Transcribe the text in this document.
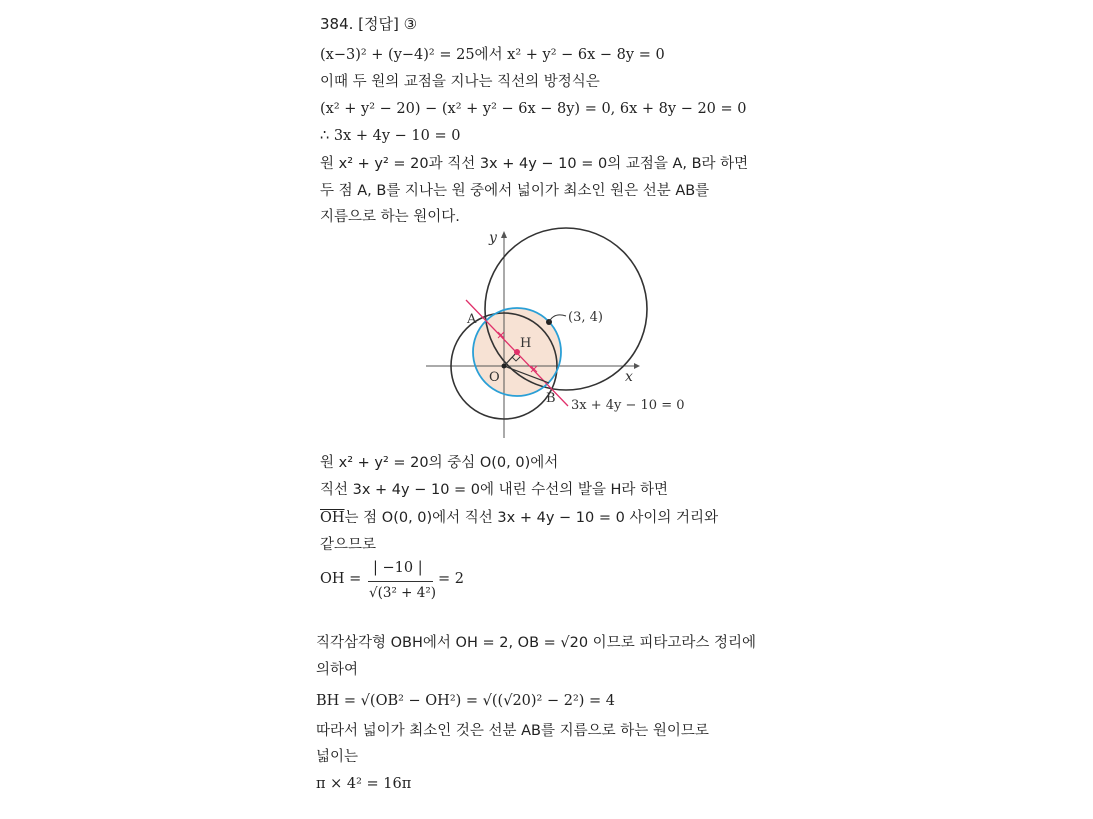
384. [정답] ③
(x−3)² + (y−4)² = 25에서 x² + y² − 6x − 8y = 0
이때 두 원의 교점을 지나는 직선의 방정식은
(x² + y² − 20) − (x² + y² − 6x − 8y) = 0, 6x + 8y − 20 = 0
∴ 3x + 4y − 10 = 0
원 x² + y² = 20과 직선 3x + 4y − 10 = 0의 교점을 A, B라 하면
두 점 A, B를 지나는 원 중에서 넓이가 최소인 원은 선분 AB를
지름으로 하는 원이다.
y
x
O
A
B
H
(3, 4)
3x + 4y − 10 = 0
원 x² + y² = 20의 중심 O(0, 0)에서
직선 3x + 4y − 10 = 0에 내린 수선의 발을 H라 하면
$\overline{OH}$는 점 O(0, 0)에서 직선 3x + 4y − 10 = 0 사이의 거리와
같으므로
OH =
| −10 |
√(3² + 4²)
= 2
직각삼각형 OBH에서 OH = 2, OB = √20 이므로 피타고라스 정리에
의하여
BH = √(OB² − OH²) = √((√20)² − 2²) = 4
따라서 넓이가 최소인 것은 선분 AB를 지름으로 하는 원이므로
넓이는
π × 4² = 16π
